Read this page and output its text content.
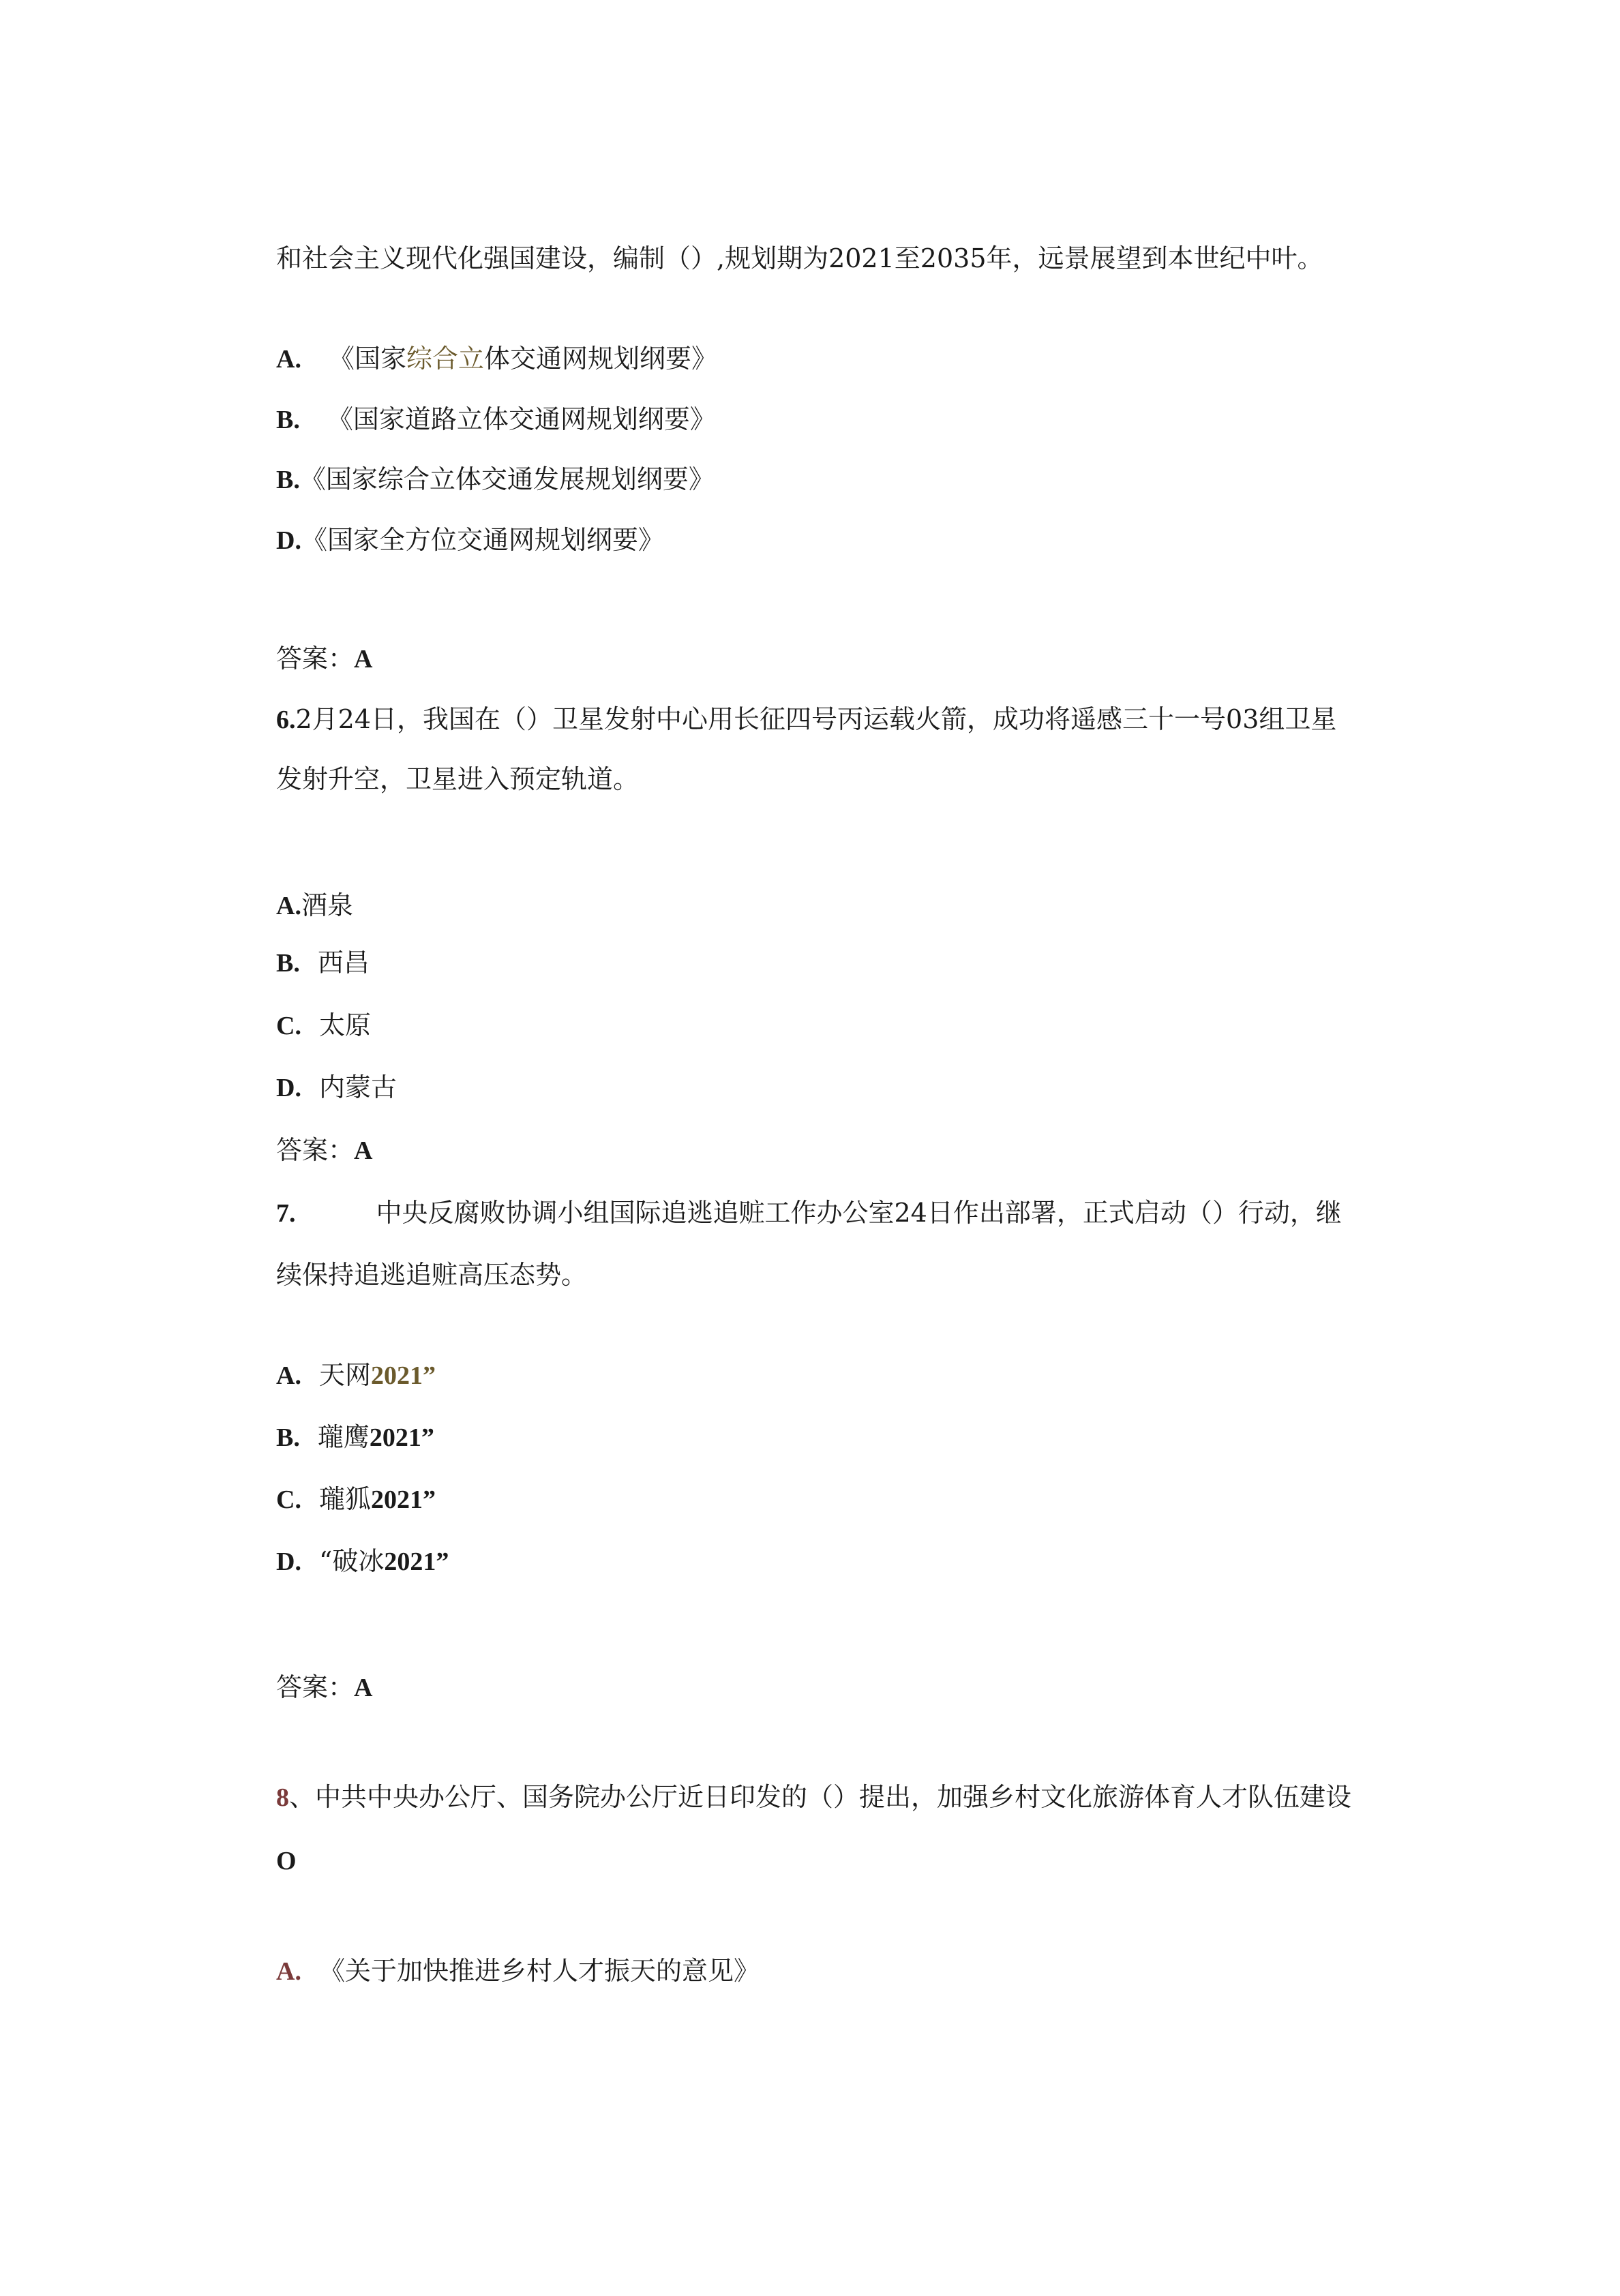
和社会主义现代化强国建设，编制（）,规划期为2021至2035年，远景展望到本世纪中叶。
A. 《国家综合立体交通网规划纲要》
B. 《国家道路立体交通网规划纲要》
B.《国家综合立体交通发展规划纲要》
D.《国家全方位交通网规划纲要》
答案：A
6.2月24日，我国在（）卫星发射中心用长征四号丙运载火箭，成功将遥感三十一号03组卫星
发射升空，卫星进入预定轨道。
A.酒泉
B. 西昌
C. 太原
D. 内蒙古
答案：A
7.	中央反腐败协调小组国际追逃追赃工作办公室24日作出部署，正式启动（）行动，继
续保持追逃追赃高压态势。
A. 天网2021”
B. 瓏鹰2021”
C. 瓏狐2021”
D. “破冰2021”
答案：A
8、中共中央办公厅、国务院办公厅近日印发的（）提出，加强乡村文化旅游体育人才队伍建设
O
A. 《关于加快推进乡村人才振天的意见》
